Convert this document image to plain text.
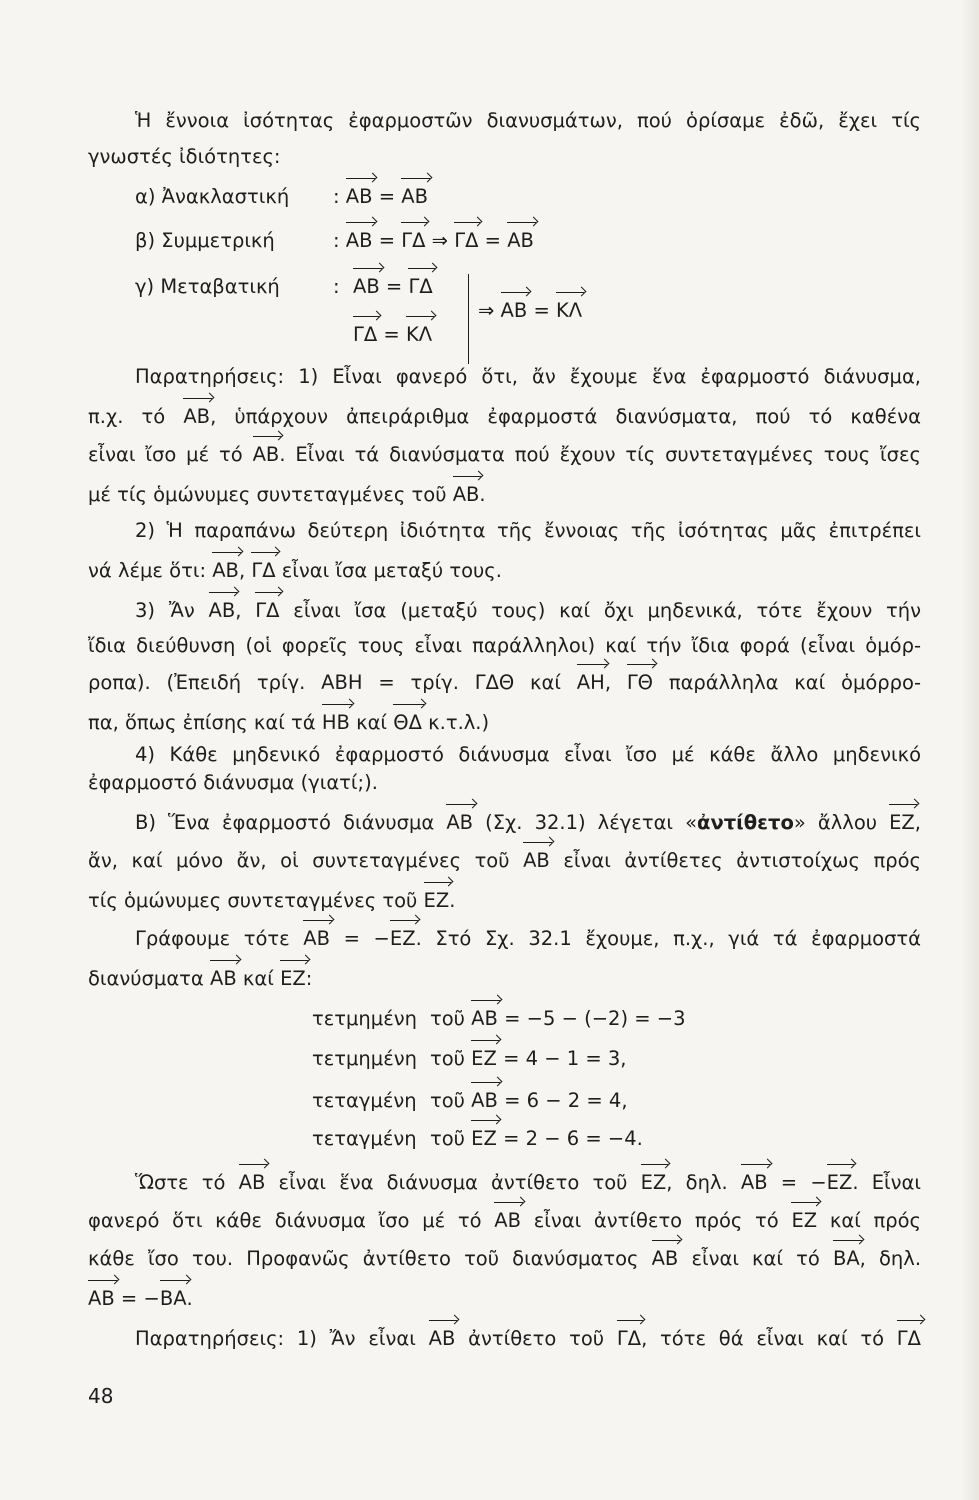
Ἡ ἔννοια ἰσότητας ἐφαρμοστῶν διανυσμάτων, πού ὁρίσαμε ἐδῶ, ἔχει τίς
γνωστές ἰδιότητες:
α) Ἀνακλαστική : ΑΒ = ΑΒ
β) Συμμετρική	: ΑΒ = ΓΔ ⇒ ΓΔ = ΑΒ
γ) Μεταβατική	: ΑΒ = ΓΔ
ΓΔ = ΚΛ
⇒ ΑΒ = ΚΛ
Παρατηρήσεις: 1) Εἶναι φανερό ὅτι, ἄν ἔχουμε ἕνα ἐφαρμοστό διάνυσμα,
π.χ. τό ΑΒ, ὑπάρχουν ἀπειράριθμα ἐφαρμοστά διανύσματα, πού τό καθένα
εἶναι ἴσο μέ τό ΑΒ. Εἶναι τά διανύσματα πού ἔχουν τίς συντεταγμένες τους ἴσες
μέ τίς ὁμώνυμες συντεταγμένες τοῦ ΑΒ.
2) Ἡ παραπάνω δεύτερη ἰδιότητα τῆς ἔννοιας τῆς ἰσότητας μᾶς ἐπιτρέπει
νά λέμε ὅτι: ΑΒ, ΓΔ εἶναι ἴσα μεταξύ τους.
3) Ἄν ΑΒ, ΓΔ εἶναι ἴσα (μεταξύ τους) καί ὄχι μηδενικά, τότε ἔχουν τήν
ἴδια διεύθυνση (οἱ φορεῖς τους εἶναι παράλληλοι) καί τήν ἴδια φορά (εἶναι ὁμόρ-
ροπα). (Ἐπειδή τρίγ. ΑΒΗ = τρίγ. ΓΔΘ καί ΑΗ, ΓΘ παράλληλα καί ὁμόρρο-
πα, ὅπως ἐπίσης καί τά ΗΒ καί ΘΔ κ.τ.λ.)
4) Κάθε μηδενικό ἐφαρμοστό διάνυσμα εἶναι ἴσο μέ κάθε ἄλλο μηδενικό
ἐφαρμοστό διάνυσμα (γιατί;).
Β) Ἕνα ἐφαρμοστό διάνυσμα ΑΒ (Σχ. 32.1) λέγεται «ἀντίθετο» ἄλλου ΕΖ,
ἄν, καί μόνο ἄν, οἱ συντεταγμένες τοῦ ΑΒ εἶναι ἀντίθετες ἀντιστοίχως πρός
τίς ὁμώνυμες συντεταγμένες τοῦ ΕΖ.
Γράφουμε τότε ΑΒ = −ΕΖ. Στό Σχ. 32.1 ἔχουμε, π.χ., γιά τά ἐφαρμοστά
διανύσματα ΑΒ καί ΕΖ:
τετμημένη τοῦ ΑΒ = −5 − (−2) = −3
τετμημένη τοῦ ΕΖ = 4 − 1 = 3,
τεταγμένη τοῦ ΑΒ = 6 − 2 = 4,
τεταγμένη τοῦ ΕΖ = 2 − 6 = −4.
Ὥστε τό ΑΒ εἶναι ἕνα διάνυσμα ἀντίθετο τοῦ ΕΖ, δηλ. ΑΒ = −ΕΖ. Εἶναι
φανερό ὅτι κάθε διάνυσμα ἴσο μέ τό ΑΒ εἶναι ἀντίθετο πρός τό ΕΖ καί πρός
κάθε ἴσο του. Προφανῶς ἀντίθετο τοῦ διανύσματος ΑΒ εἶναι καί τό ΒΑ, δηλ.
ΑΒ = −ΒΑ.
Παρατηρήσεις: 1) Ἄν εἶναι ΑΒ ἀντίθετο τοῦ ΓΔ, τότε θά εἶναι καί τό ΓΔ
48
